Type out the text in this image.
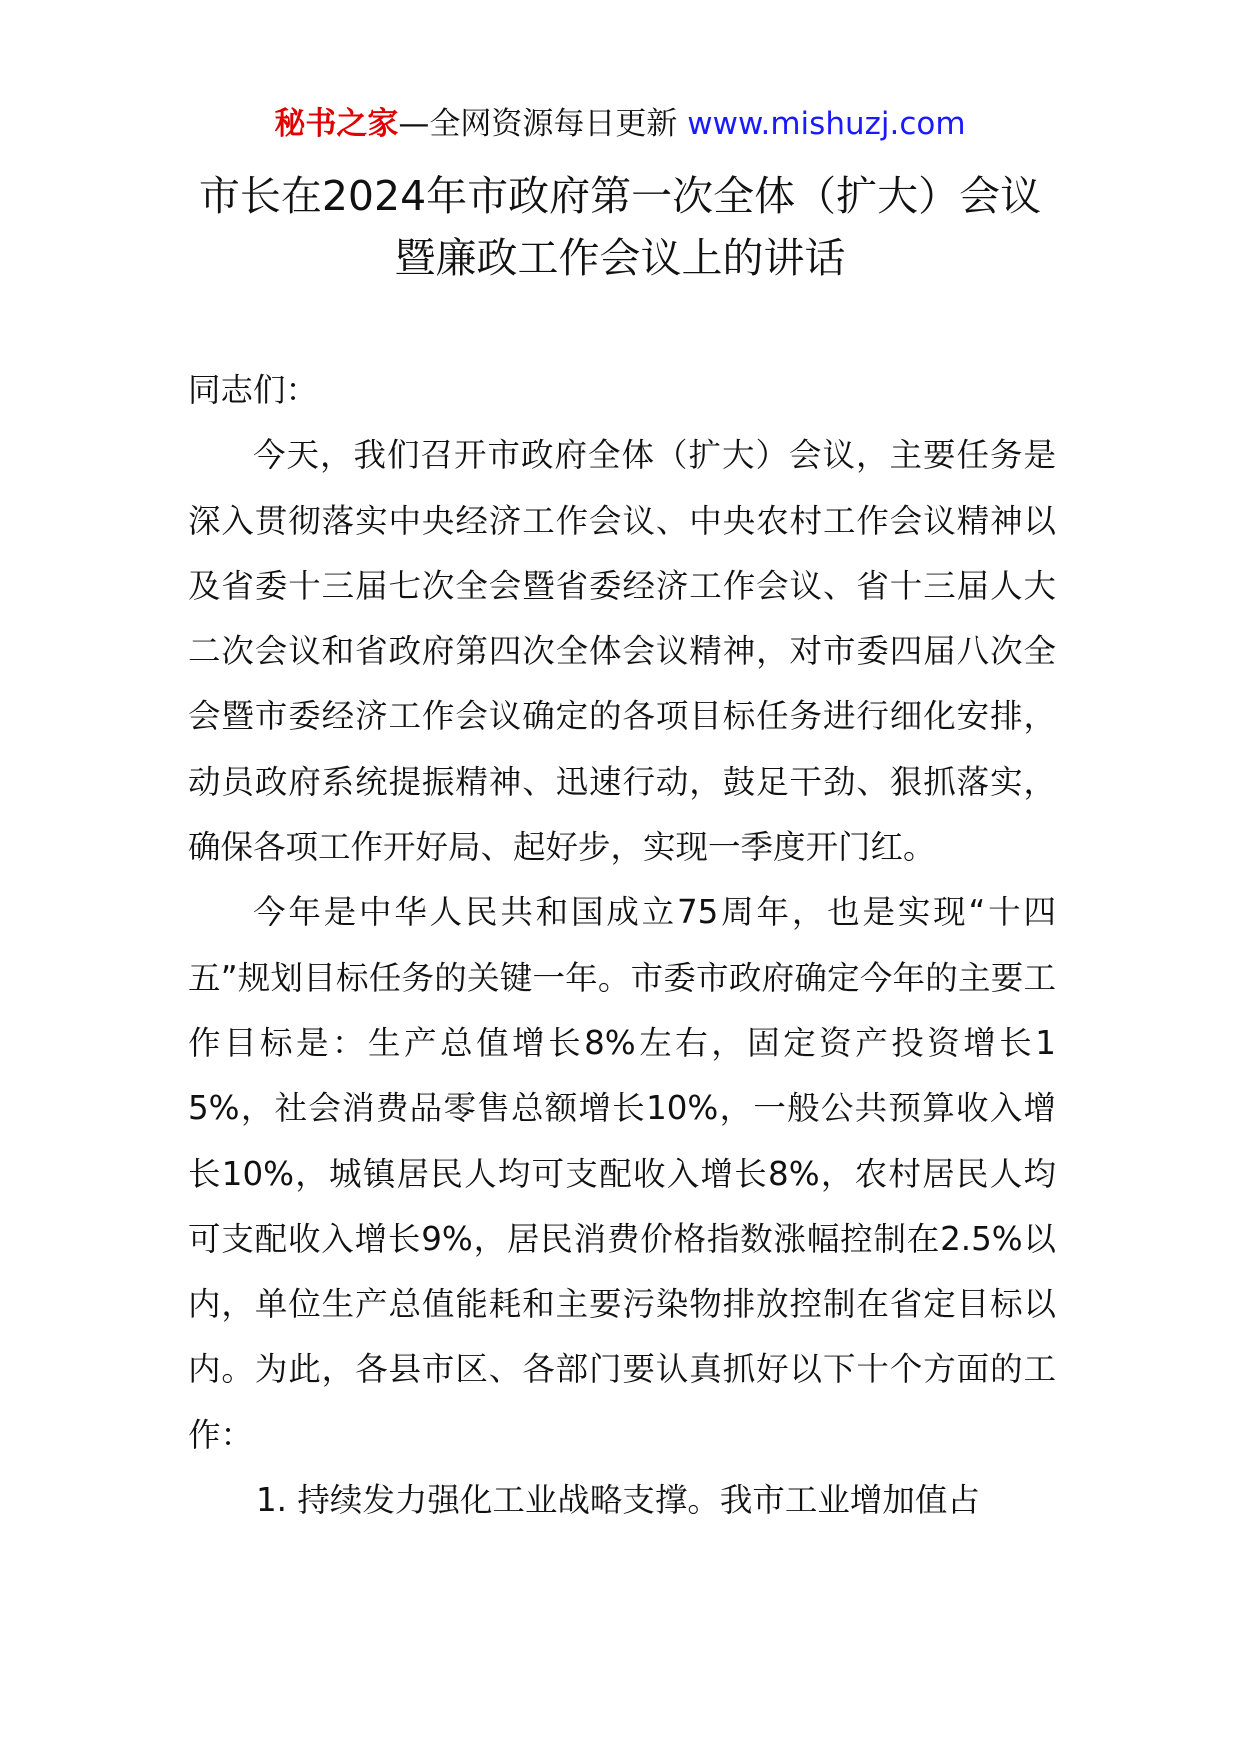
秘书之家—全网资源每日更新 www.mishuzj.com
市长在2024年市政府第一次全体（扩大）会议
暨廉政工作会议上的讲话

同志们：

今天，我们召开市政府全体（扩大）会议，主要任务是深入贯彻落实中央经济工作会议、中央农村工作会议精神以及省委十三届七次全会暨省委经济工作会议、省十三届人大二次会议和省政府第四次全体会议精神，对市委四届八次全会暨市委经济工作会议确定的各项目标任务进行细化安排，动员政府系统提振精神、迅速行动，鼓足干劲、狠抓落实，确保各项工作开好局、起好步，实现一季度开门红。

今年是中华人民共和国成立75周年，也是实现“十四五”规划目标任务的关键一年。市委市政府确定今年的主要工作目标是：生产总值增长8%左右，固定资产投资增长15%，社会消费品零售总额增长10%，一般公共预算收入增长10%，城镇居民人均可支配收入增长8%，农村居民人均可支配收入增长9%，居民消费价格指数涨幅控制在2.5%以内，单位生产总值能耗和主要污染物排放控制在省定目标以内。为此，各县市区、各部门要认真抓好以下十个方面的工作：

1. 持续发力强化工业战略支撑。我市工业增加值占
